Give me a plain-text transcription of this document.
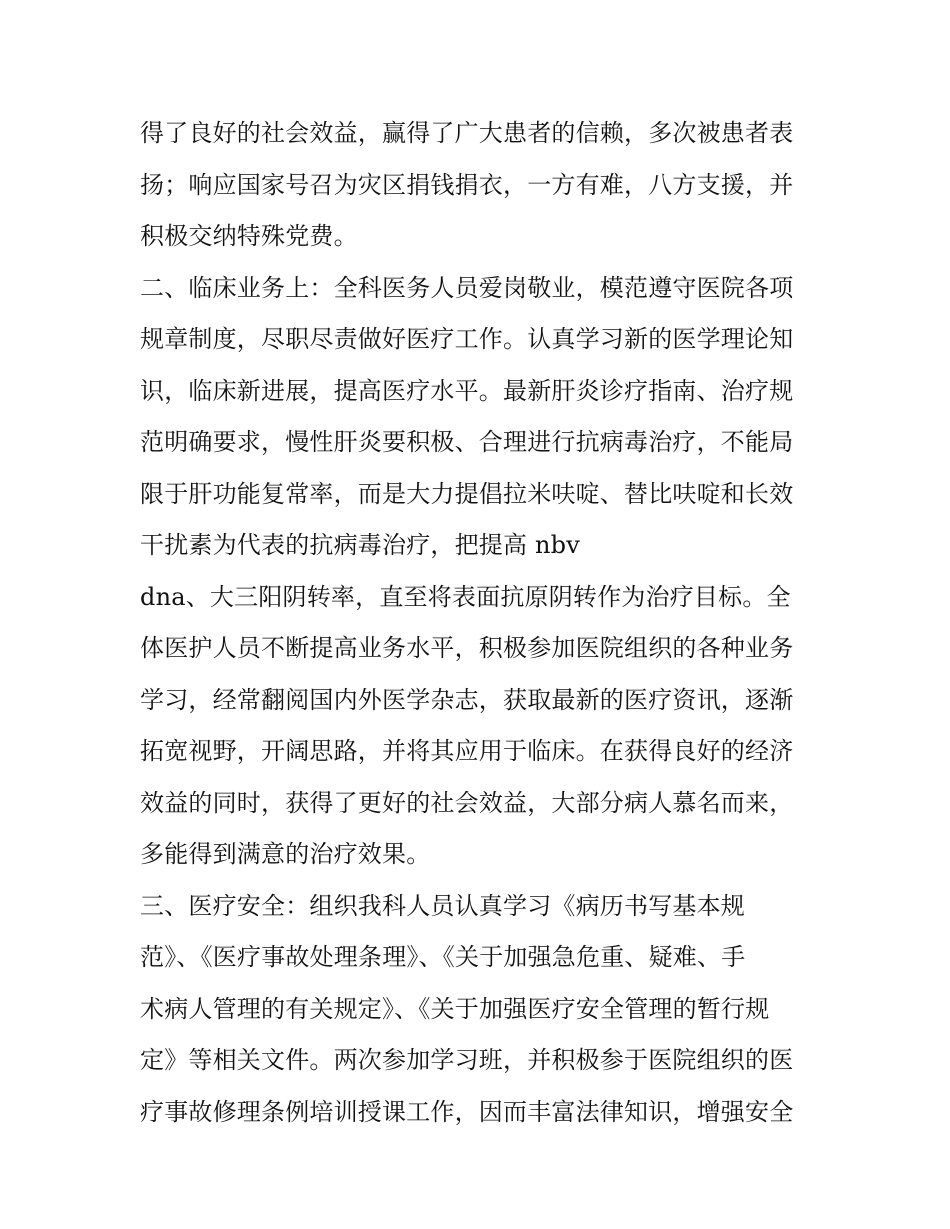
得了良好的社会效益，赢得了广大患者的信赖，多次被患者表
扬；响应国家号召为灾区捐钱捐衣，一方有难，八方支援，并
积极交纳特殊党费。
二、临床业务上：全科医务人员爱岗敬业，模范遵守医院各项
规章制度，尽职尽责做好医疗工作。认真学习新的医学理论知
识，临床新进展，提高医疗水平。最新肝炎诊疗指南、治疗规
范明确要求，慢性肝炎要积极、合理进行抗病毒治疗，不能局
限于肝功能复常率，而是大力提倡拉米呋啶、替比呋啶和长效
干扰素为代表的抗病毒治疗，把提高 nbv
dna、大三阳阴转率，直至将表面抗原阴转作为治疗目标。全
体医护人员不断提高业务水平，积极参加医院组织的各种业务
学习，经常翻阅国内外医学杂志，获取最新的医疗资讯，逐渐
拓宽视野，开阔思路，并将其应用于临床。在获得良好的经济
效益的同时，获得了更好的社会效益，大部分病人慕名而来，
多能得到满意的治疗效果。
三、医疗安全：组织我科人员认真学习《病历书写基本规
范》、《医疗事故处理条理》、《关于加强急危重、疑难、手
术病人管理的有关规定》、《关于加强医疗安全管理的暂行规
定》等相关文件。两次参加学习班，并积极参于医院组织的医
疗事故修理条例培训授课工作，因而丰富法律知识，增强安全
